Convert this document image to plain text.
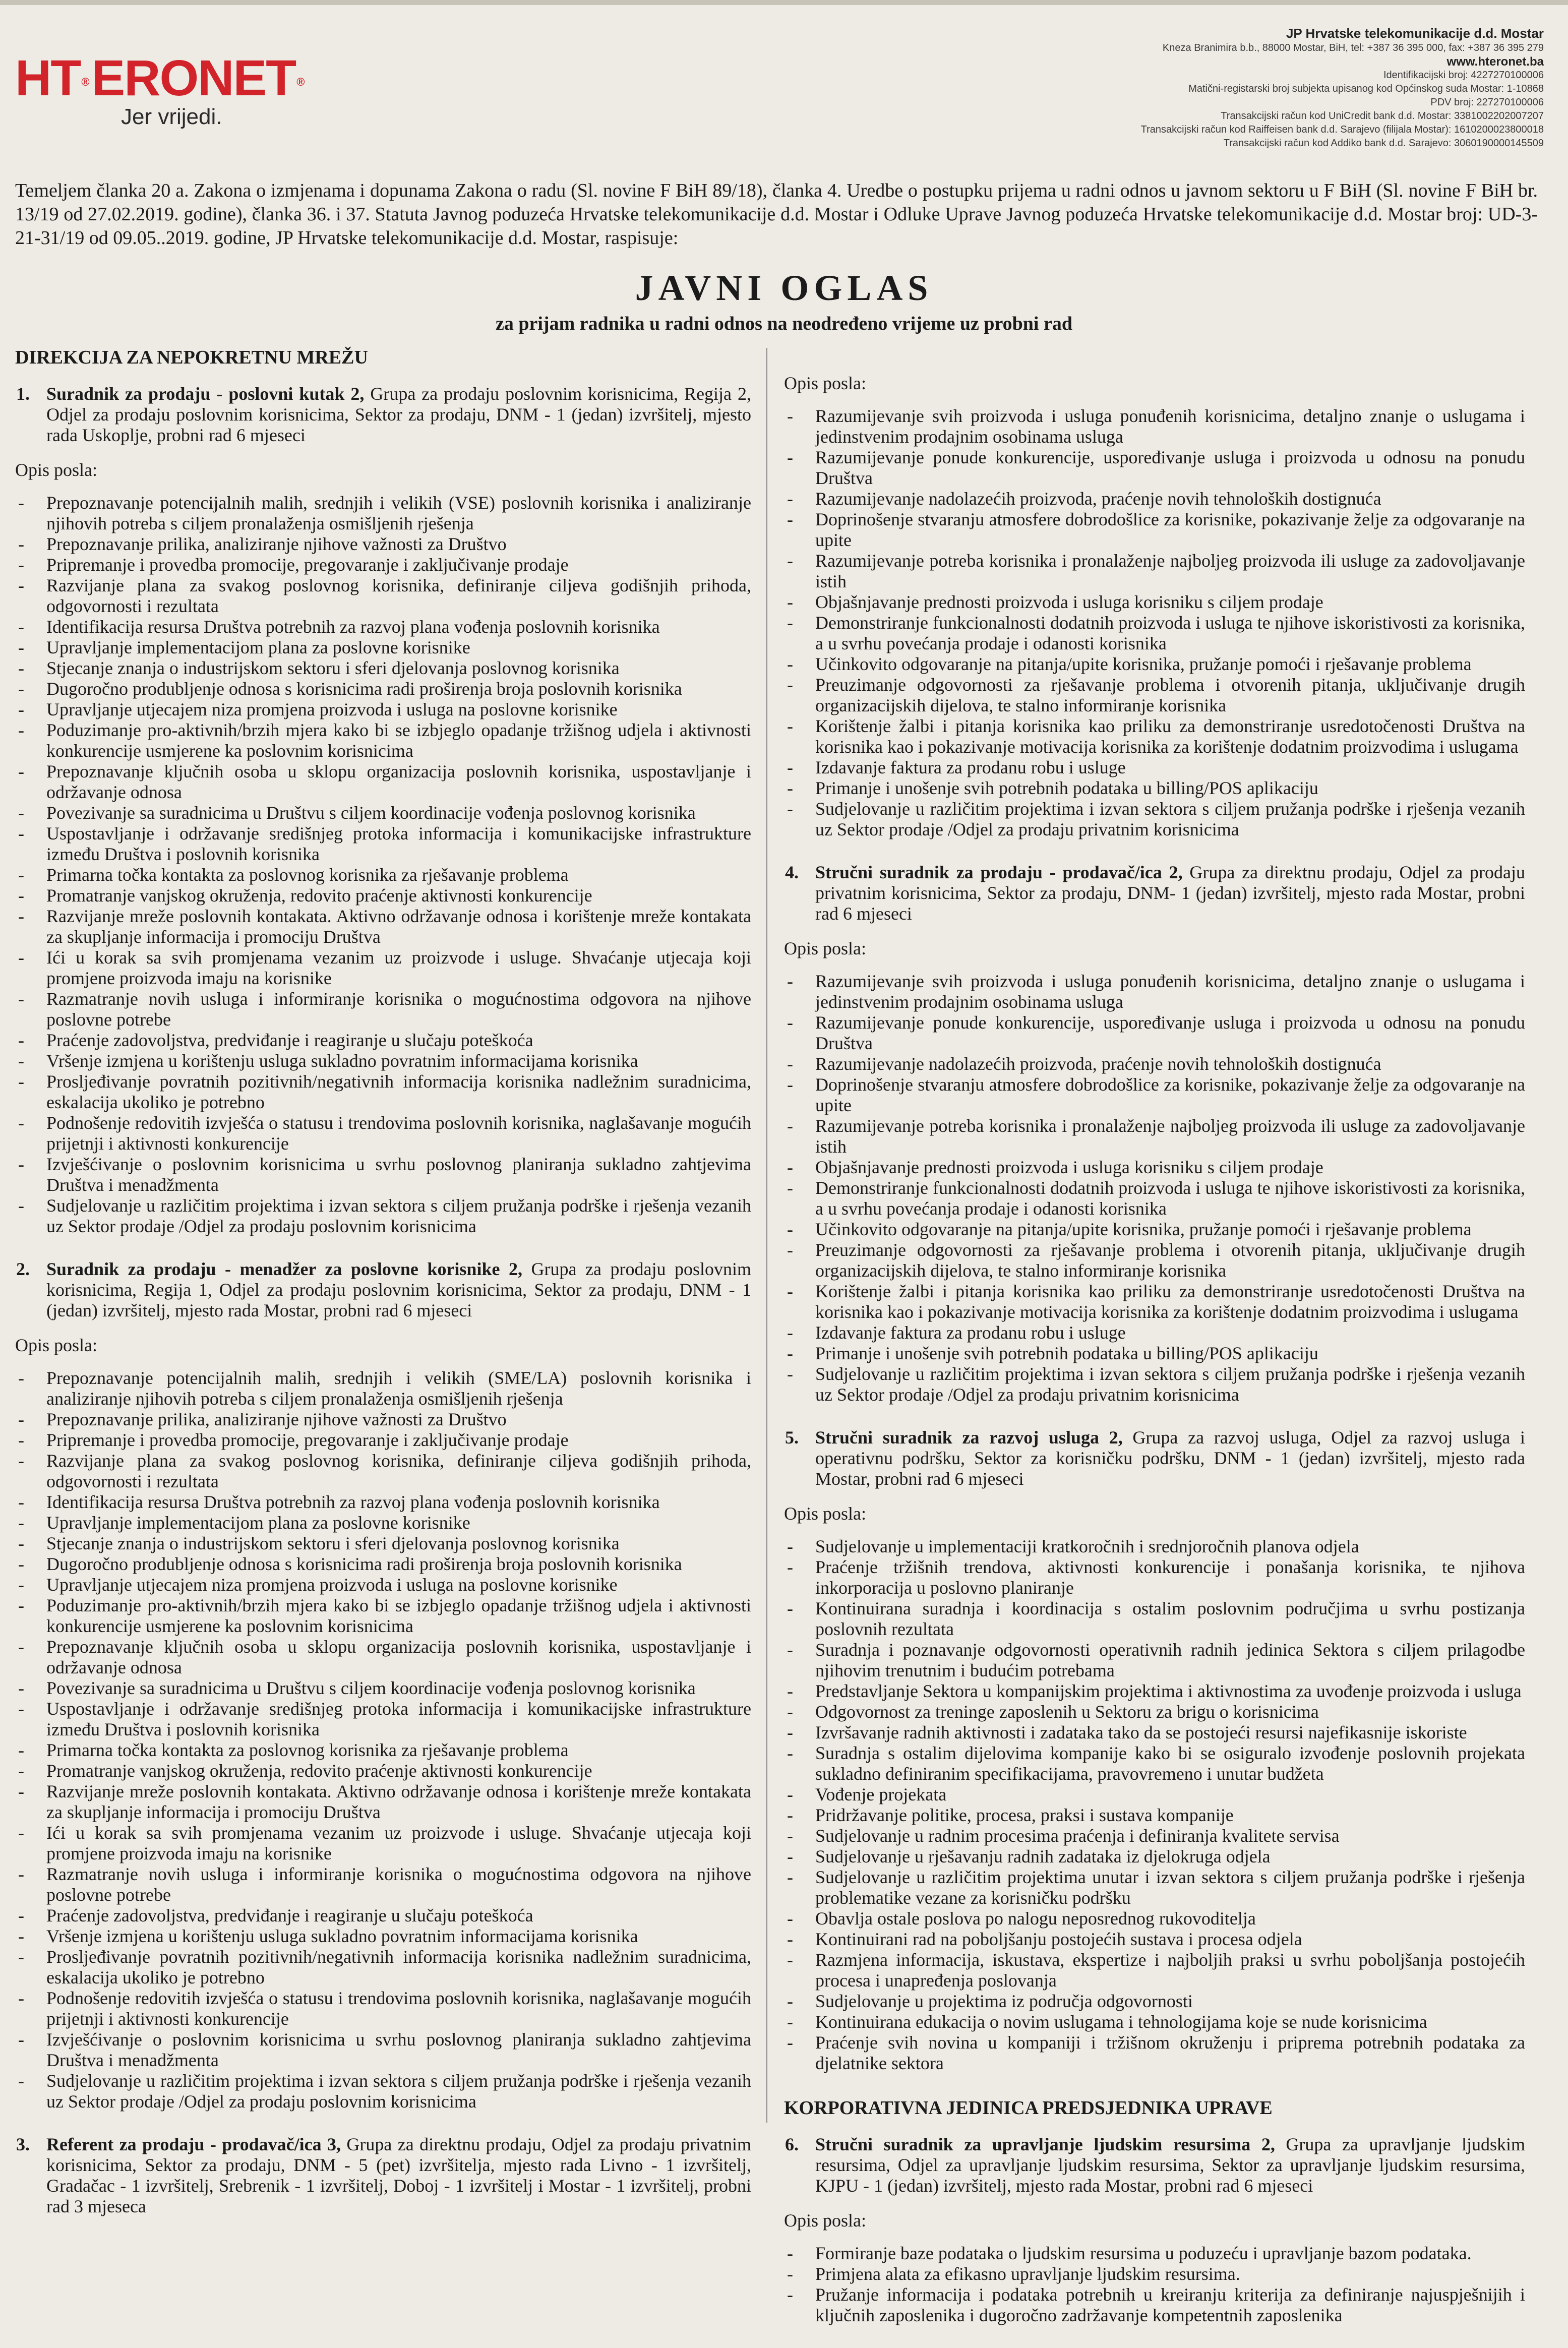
HT®ERONET®
Jer vrijedi.
JP Hrvatske telekomunikacije d.d. Mostar
Kneza Branimira b.b., 88000 Mostar, BiH, tel: +387 36 395 000, fax: +387 36 395 279
www.hteronet.ba
Identifikacijski broj: 4227270100006
Matični-registarski broj subjekta upisanog kod Općinskog suda Mostar: 1-10868
PDV broj: 227270100006
Transakcijski račun kod UniCredit bank d.d. Mostar: 3381002202007207
Transakcijski račun kod Raiffeisen bank d.d. Sarajevo (filijala Mostar): 1610200023800018
Transakcijski račun kod Addiko bank d.d. Sarajevo: 3060190000145509
Temeljem članka 20 a. Zakona o izmjenama i dopunama Zakona o radu (Sl. novine F BiH 89/18), članka 4. Uredbe o postupku prijema u radni odnos u javnom sektoru u F BiH (Sl. novine F BiH br. 13/19 od 27.02.2019. godine), članka 36. i 37. Statuta Javnog poduzeća Hrvatske telekomunikacije d.d. Mostar i Odluke Uprave Javnog poduzeća Hrvatske telekomunikacije d.d. Mostar broj: UD-3-21-31/19 od 09.05..2019. godine, JP Hrvatske telekomunikacije d.d. Mostar, raspisuje:
JAVNI OGLAS
za prijam radnika u radni odnos na neodređeno vrijeme uz probni rad
DIREKCIJA ZA NEPOKRETNU MREŽU
1. Suradnik za prodaju - poslovni kutak 2, Grupa za prodaju poslovnim korisnicima, Regija 2, Odjel za prodaju poslovnim korisnicima, Sektor za prodaju, DNM - 1 (jedan) izvršitelj, mjesto rada Uskoplje, probni rad 6 mjeseci
Opis posla:
- Prepoznavanje potencijalnih malih, srednjih i velikih (VSE) poslovnih korisnika i analiziranje njihovih potreba s ciljem pronalaženja osmišljenih rješenja
- Prepoznavanje prilika, analiziranje njihove važnosti za Društvo
- Pripremanje i provedba promocije, pregovaranje i zaključivanje prodaje
- Razvijanje plana za svakog poslovnog korisnika, definiranje ciljeva godišnjih prihoda, odgovornosti i rezultata
- Identifikacija resursa Društva potrebnih za razvoj plana vođenja poslovnih korisnika
- Upravljanje implementacijom plana za poslovne korisnike
- Stjecanje znanja o industrijskom sektoru i sferi djelovanja poslovnog korisnika
- Dugoročno produbljenje odnosa s korisnicima radi proširenja broja poslovnih korisnika
- Upravljanje utjecajem niza promjena proizvoda i usluga na poslovne korisnike
- Poduzimanje pro-aktivnih/brzih mjera kako bi se izbjeglo opadanje tržišnog udjela i aktivnosti konkurencije usmjerene ka poslovnim korisnicima
- Prepoznavanje ključnih osoba u sklopu organizacija poslovnih korisnika, uspostavljanje i održavanje odnosa
- Povezivanje sa suradnicima u Društvu s ciljem koordinacije vođenja poslovnog korisnika
- Uspostavljanje i održavanje središnjeg protoka informacija i komunikacijske infrastrukture između Društva i poslovnih korisnika
- Primarna točka kontakta za poslovnog korisnika za rješavanje problema
- Promatranje vanjskog okruženja, redovito praćenje aktivnosti konkurencije
- Razvijanje mreže poslovnih kontakata. Aktivno održavanje odnosa i korištenje mreže kontakata za skupljanje informacija i promociju Društva
- Ići u korak sa svih promjenama vezanim uz proizvode i usluge. Shvaćanje utjecaja koji promjene proizvoda imaju na korisnike
- Razmatranje novih usluga i informiranje korisnika o mogućnostima odgovora na njihove poslovne potrebe
- Praćenje zadovoljstva, predviđanje i reagiranje u slučaju poteškoća
- Vršenje izmjena u korištenju usluga sukladno povratnim informacijama korisnika
- Prosljeđivanje povratnih pozitivnih/negativnih informacija korisnika nadležnim suradnicima, eskalacija ukoliko je potrebno
- Podnošenje redovitih izvješća o statusu i trendovima poslovnih korisnika, naglašavanje mogućih prijetnji i aktivnosti konkurencije
- Izvješćivanje o poslovnim korisnicima u svrhu poslovnog planiranja sukladno zahtjevima Društva i menadžmenta
- Sudjelovanje u različitim projektima i izvan sektora s ciljem pružanja podrške i rješenja vezanih uz Sektor prodaje /Odjel za prodaju poslovnim korisnicima
2. Suradnik za prodaju - menadžer za poslovne korisnike 2, Grupa za prodaju poslovnim korisnicima, Regija 1, Odjel za prodaju poslovnim korisnicima, Sektor za prodaju, DNM - 1 (jedan) izvršitelj, mjesto rada Mostar, probni rad 6 mjeseci
Opis posla:
- Prepoznavanje potencijalnih malih, srednjih i velikih (SME/LA) poslovnih korisnika i analiziranje njihovih potreba s ciljem pronalaženja osmišljenih rješenja
- Prepoznavanje prilika, analiziranje njihove važnosti za Društvo
- Pripremanje i provedba promocije, pregovaranje i zaključivanje prodaje
- Razvijanje plana za svakog poslovnog korisnika, definiranje ciljeva godišnjih prihoda, odgovornosti i rezultata
- Identifikacija resursa Društva potrebnih za razvoj plana vođenja poslovnih korisnika
- Upravljanje implementacijom plana za poslovne korisnike
- Stjecanje znanja o industrijskom sektoru i sferi djelovanja poslovnog korisnika
- Dugoročno produbljenje odnosa s korisnicima radi proširenja broja poslovnih korisnika
- Upravljanje utjecajem niza promjena proizvoda i usluga na poslovne korisnike
- Poduzimanje pro-aktivnih/brzih mjera kako bi se izbjeglo opadanje tržišnog udjela i aktivnosti konkurencije usmjerene ka poslovnim korisnicima
- Prepoznavanje ključnih osoba u sklopu organizacija poslovnih korisnika, uspostavljanje i održavanje odnosa
- Povezivanje sa suradnicima u Društvu s ciljem koordinacije vođenja poslovnog korisnika
- Uspostavljanje i održavanje središnjeg protoka informacija i komunikacijske infrastrukture između Društva i poslovnih korisnika
- Primarna točka kontakta za poslovnog korisnika za rješavanje problema
- Promatranje vanjskog okruženja, redovito praćenje aktivnosti konkurencije
- Razvijanje mreže poslovnih kontakata. Aktivno održavanje odnosa i korištenje mreže kontakata za skupljanje informacija i promociju Društva
- Ići u korak sa svih promjenama vezanim uz proizvode i usluge. Shvaćanje utjecaja koji promjene proizvoda imaju na korisnike
- Razmatranje novih usluga i informiranje korisnika o mogućnostima odgovora na njihove poslovne potrebe
- Praćenje zadovoljstva, predviđanje i reagiranje u slučaju poteškoća
- Vršenje izmjena u korištenju usluga sukladno povratnim informacijama korisnika
- Prosljeđivanje povratnih pozitivnih/negativnih informacija korisnika nadležnim suradnicima, eskalacija ukoliko je potrebno
- Podnošenje redovitih izvješća o statusu i trendovima poslovnih korisnika, naglašavanje mogućih prijetnji i aktivnosti konkurencije
- Izvješćivanje o poslovnim korisnicima u svrhu poslovnog planiranja sukladno zahtjevima Društva i menadžmenta
- Sudjelovanje u različitim projektima i izvan sektora s ciljem pružanja podrške i rješenja vezanih uz Sektor prodaje /Odjel za prodaju poslovnim korisnicima
3. Referent za prodaju - prodavač/ica 3, Grupa za direktnu prodaju, Odjel za prodaju privatnim korisnicima, Sektor za prodaju, DNM - 5 (pet) izvršitelja, mjesto rada Livno - 1 izvršitelj, Gradačac - 1 izvršitelj, Srebrenik - 1 izvršitelj, Doboj - 1 izvršitelj i Mostar - 1 izvršitelj, probni rad 3 mjeseca
Opis posla:
- Razumijevanje svih proizvoda i usluga ponuđenih korisnicima, detaljno znanje o uslugama i jedinstvenim prodajnim osobinama usluga
- Razumijevanje ponude konkurencije, uspoređivanje usluga i proizvoda u odnosu na ponudu Društva
- Razumijevanje nadolazećih proizvoda, praćenje novih tehnoloških dostignuća
- Doprinošenje stvaranju atmosfere dobrodošlice za korisnike, pokazivanje želje za odgovaranje na upite
- Razumijevanje potreba korisnika i pronalaženje najboljeg proizvoda ili usluge za zadovoljavanje istih
- Objašnjavanje prednosti proizvoda i usluga korisniku s ciljem prodaje
- Demonstriranje funkcionalnosti dodatnih proizvoda i usluga te njihove iskoristivosti za korisnika, a u svrhu povećanja prodaje i odanosti korisnika
- Učinkovito odgovaranje na pitanja/upite korisnika, pružanje pomoći i rješavanje problema
- Preuzimanje odgovornosti za rješavanje problema i otvorenih pitanja, uključivanje drugih organizacijskih dijelova, te stalno informiranje korisnika
- Korištenje žalbi i pitanja korisnika kao priliku za demonstriranje usredotočenosti Društva na korisnika kao i pokazivanje motivacija korisnika za korištenje dodatnim proizvodima i uslugama
- Izdavanje faktura za prodanu robu i usluge
- Primanje i unošenje svih potrebnih podataka u billing/POS aplikaciju
- Sudjelovanje u različitim projektima i izvan sektora s ciljem pružanja podrške i rješenja vezanih uz Sektor prodaje /Odjel za prodaju privatnim korisnicima
4. Stručni suradnik za prodaju - prodavač/ica 2, Grupa za direktnu prodaju, Odjel za prodaju privatnim korisnicima, Sektor za prodaju, DNM- 1 (jedan) izvršitelj, mjesto rada Mostar, probni rad 6 mjeseci
Opis posla:
- Razumijevanje svih proizvoda i usluga ponuđenih korisnicima, detaljno znanje o uslugama i jedinstvenim prodajnim osobinama usluga
- Razumijevanje ponude konkurencije, uspoređivanje usluga i proizvoda u odnosu na ponudu Društva
- Razumijevanje nadolazećih proizvoda, praćenje novih tehnoloških dostignuća
- Doprinošenje stvaranju atmosfere dobrodošlice za korisnike, pokazivanje želje za odgovaranje na upite
- Razumijevanje potreba korisnika i pronalaženje najboljeg proizvoda ili usluge za zadovoljavanje istih
- Objašnjavanje prednosti proizvoda i usluga korisniku s ciljem prodaje
- Demonstriranje funkcionalnosti dodatnih proizvoda i usluga te njihove iskoristivosti za korisnika, a u svrhu povećanja prodaje i odanosti korisnika
- Učinkovito odgovaranje na pitanja/upite korisnika, pružanje pomoći i rješavanje problema
- Preuzimanje odgovornosti za rješavanje problema i otvorenih pitanja, uključivanje drugih organizacijskih dijelova, te stalno informiranje korisnika
- Korištenje žalbi i pitanja korisnika kao priliku za demonstriranje usredotočenosti Društva na korisnika kao i pokazivanje motivacija korisnika za korištenje dodatnim proizvodima i uslugama
- Izdavanje faktura za prodanu robu i usluge
- Primanje i unošenje svih potrebnih podataka u billing/POS aplikaciju
- Sudjelovanje u različitim projektima i izvan sektora s ciljem pružanja podrške i rješenja vezanih uz Sektor prodaje /Odjel za prodaju privatnim korisnicima
5. Stručni suradnik za razvoj usluga 2, Grupa za razvoj usluga, Odjel za razvoj usluga i operativnu podršku, Sektor za korisničku podršku, DNM - 1 (jedan) izvršitelj, mjesto rada Mostar, probni rad 6 mjeseci
Opis posla:
- Sudjelovanje u implementaciji kratkoročnih i srednjoročnih planova odjela
- Praćenje tržišnih trendova, aktivnosti konkurencije i ponašanja korisnika, te njihova inkorporacija u poslovno planiranje
- Kontinuirana suradnja i koordinacija s ostalim poslovnim područjima u svrhu postizanja poslovnih rezultata
- Suradnja i poznavanje odgovornosti operativnih radnih jedinica Sektora s ciljem prilagodbe njihovim trenutnim i budućim potrebama
- Predstavljanje Sektora u kompanijskim projektima i aktivnostima za uvođenje proizvoda i usluga
- Odgovornost za treninge zaposlenih u Sektoru za brigu o korisnicima
- Izvršavanje radnih aktivnosti i zadataka tako da se postojeći resursi najefikasnije iskoriste
- Suradnja s ostalim dijelovima kompanije kako bi se osiguralo izvođenje poslovnih projekata sukladno definiranim specifikacijama, pravovremeno i unutar budžeta
- Vođenje projekata
- Pridržavanje politike, procesa, praksi i sustava kompanije
- Sudjelovanje u radnim procesima praćenja i definiranja kvalitete servisa
- Sudjelovanje u rješavanju radnih zadataka iz djelokruga odjela
- Sudjelovanje u različitim projektima unutar i izvan sektora s ciljem pružanja podrške i rješenja problematike vezane za korisničku podršku
- Obavlja ostale poslova po nalogu neposrednog rukovoditelja
- Kontinuirani rad na poboljšanju postojećih sustava i procesa odjela
- Razmjena informacija, iskustava, ekspertize i najboljih praksi u svrhu poboljšanja postojećih procesa i unapređenja poslovanja
- Sudjelovanje u projektima iz područja odgovornosti
- Kontinuirana edukacija o novim uslugama i tehnologijama koje se nude korisnicima
- Praćenje svih novina u kompaniji i tržišnom okruženju i priprema potrebnih podataka za djelatnike sektora
KORPORATIVNA JEDINICA PREDSJEDNIKA UPRAVE
6. Stručni suradnik za upravljanje ljudskim resursima 2, Grupa za upravljanje ljudskim resursima, Odjel za upravljanje ljudskim resursima, Sektor za upravljanje ljudskim resursima, KJPU - 1 (jedan) izvršitelj, mjesto rada Mostar, probni rad 6 mjeseci
Opis posla:
- Formiranje baze podataka o ljudskim resursima u poduzeću i upravljanje bazom podataka.
- Primjena alata za efikasno upravljanje ljudskim resursima.
- Pružanje informacija i podataka potrebnih u kreiranju kriterija za definiranje najuspješnijih i ključnih zaposlenika i dugoročno zadržavanje kompetentnih zaposlenika
